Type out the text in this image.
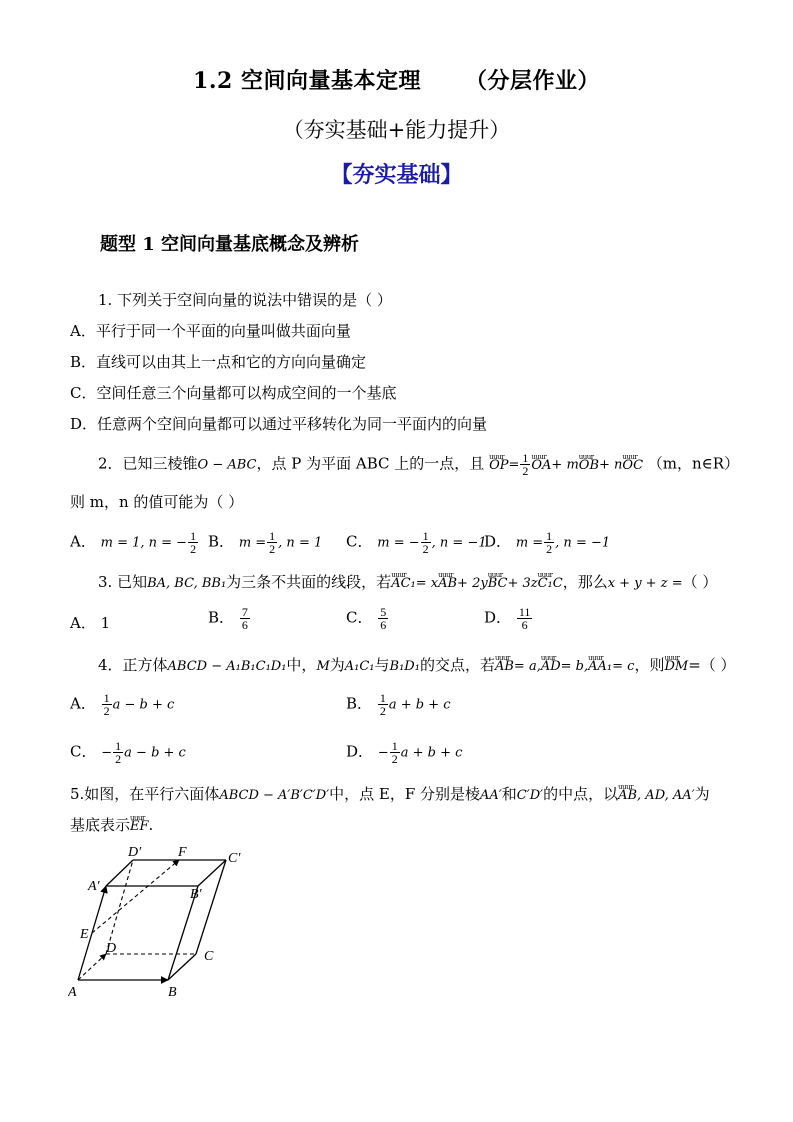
1.2 空间向量基本定理 （分层作业）
（夯实基础+能力提升）
【夯实基础】
题型 1 空间向量基底概念及辨析
1. 下列关于空间向量的说法中错误的是（ ）
A．平行于同一个平面的向量叫做共面向量
B．直线可以由其上一点和它的方向向量确定
C．空间任意三个向量都可以构成空间的一个基底
D．任意两个空间向量都可以通过平移转化为同一平面内的向量
2．已知三棱锥O − ABC，点 P 为平面 ABC 上的一点，且 uuur $OP= \frac{1}{2}$ uuur OA+ muuur OB+ nuuur OC （m，n∈R）
则 m，n 的值可能为（ ）
A． m = 1, n = − $\frac{1}{2}$ B． $m = \frac{1}{2}$ , n = 1 C． m = − $\frac{1}{2}$ , n = −1
D． $m = \frac{1}{2}$ , n = −1
3. 已知BA, BC, BB₁为三条不共面的线段，若uuur AC₁= xuuur AB+ 2yuuur BC+ 3zuuur C₁C，那么x + y + z =（ ）
A． 1	B． $\frac{7}{6}$	C． $\frac{5}{6}$	D． $\frac{11}{6}$
4．正方体ABCD − A₁B₁C₁D₁中，M为A₁C₁与B₁D₁的交点，若uuur AB= a,uuur AD= b,uuur AA₁= c，则uuur DM=（ ）
A． $\frac{1}{2}$ a − b + c	B． $\frac{1}{2}$ a + b + c
C． − $\frac{1}{2}$ a − b + c	D． − $\frac{1}{2}$ a + b + c
5.如图，在平行六面体ABCD − A′B′C′D′中，点 E，F 分别是棱AA′和C′D′的中点，以uuur AB, AD, AA′为
基底表示uuur EF.
A	B
C
D
A′
B′
C′
D′
E
F
